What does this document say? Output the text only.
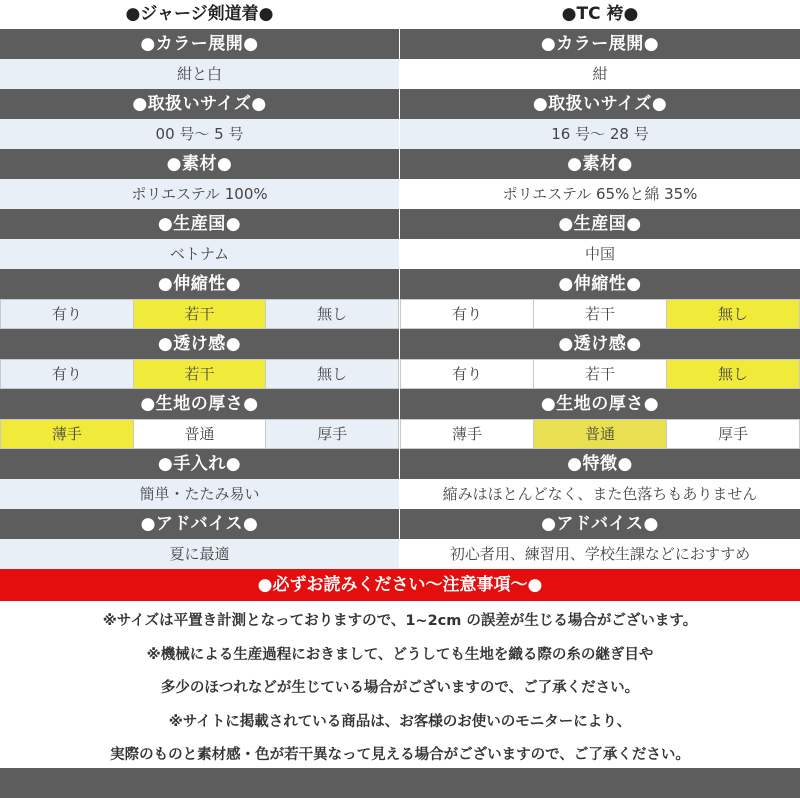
●ジャージ剣道着●
●カラー展開●
紺と白
●取扱いサイズ●
00 号〜 5 号
●素材●
ポリエステル 100%
●生産国●
ベトナム
●伸縮性●
有り	若干	無し
●透け感●
有り	若干	無し
●生地の厚さ●
薄手	普通	厚手
●手入れ●
簡単・たたみ易い
●アドバイス●
夏に最適
●TC 袴●
●カラー展開●
紺
●取扱いサイズ●
16 号〜 28 号
●素材●
ポリエステル 65%と綿 35%
●生産国●
中国
●伸縮性●
有り	若干	無し
●透け感●
有り	若干	無し
●生地の厚さ●
薄手	普通	厚手
●特徴●
縮みはほとんどなく、また色落ちもありません
●アドバイス●
初心者用、練習用、学校生課などにおすすめ
●必ずお読みください〜注意事項〜●
※サイズは平置き計測となっておりますので、1~2cm の誤差が生じる場合がございます。
※機械による生産過程におきまして、どうしても生地を織る際の糸の継ぎ目や
多少のほつれなどが生じている場合がございますので、ご了承ください。
※サイトに掲載されている商品は、お客様のお使いのモニターにより、
実際のものと素材感・色が若干異なって見える場合がございますので、ご了承ください。
